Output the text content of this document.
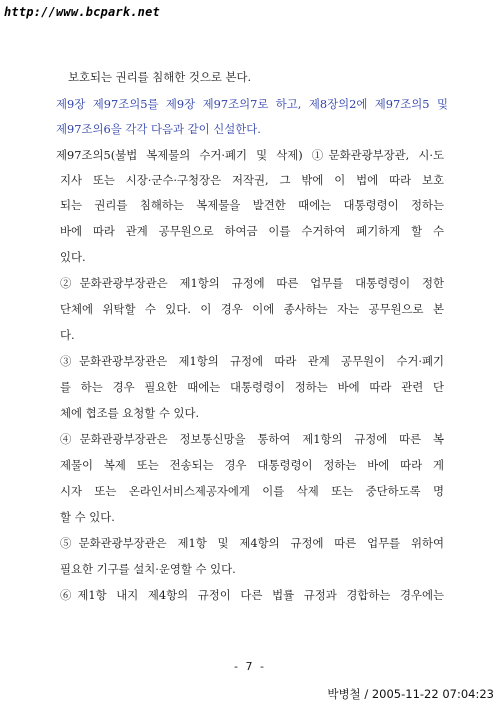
http://www.bcpark.net
보호되는 권리를 침해한 것으로 본다.
제9장 제97조의5를 제9장 제97조의7로 하고, 제8장의2에 제97조의5 및
제97조의6을 각각 다음과 같이 신설한다.
제97조의5(불법 복제물의 수거·폐기 및 삭제) ①문화관광부장관, 시·도
지사 또는 시장·군수·구청장은 저작권, 그 밖에 이 법에 따라 보호
되는 권리를 침해하는 복제물을 발견한 때에는 대통령령이 정하는
바에 따라 관계 공무원으로 하여금 이를 수거하여 폐기하게 할 수
있다.
②문화관광부장관은 제1항의 규정에 따른 업무를 대통령령이 정한
단체에 위탁할 수 있다. 이 경우 이에 종사하는 자는 공무원으로 본
다.
③문화관광부장관은 제1항의 규정에 따라 관계 공무원이 수거·폐기
를 하는 경우 필요한 때에는 대통령령이 정하는 바에 따라 관련 단
체에 협조를 요청할 수 있다.
④문화관광부장관은 정보통신망을 통하여 제1항의 규정에 따른 복
제물이 복제 또는 전송되는 경우 대통령령이 정하는 바에 따라 게
시자 또는 온라인서비스제공자에게 이를 삭제 또는 중단하도록 명
할 수 있다.
⑤문화관광부장관은 제1항 및 제4항의 규정에 따른 업무를 위하여
필요한 기구를 설치·운영할 수 있다.
⑥제1항 내지 제4항의 규정이 다른 법률 규정과 경합하는 경우에는
- 7 -
박병철 / 2005-11-22 07:04:23
